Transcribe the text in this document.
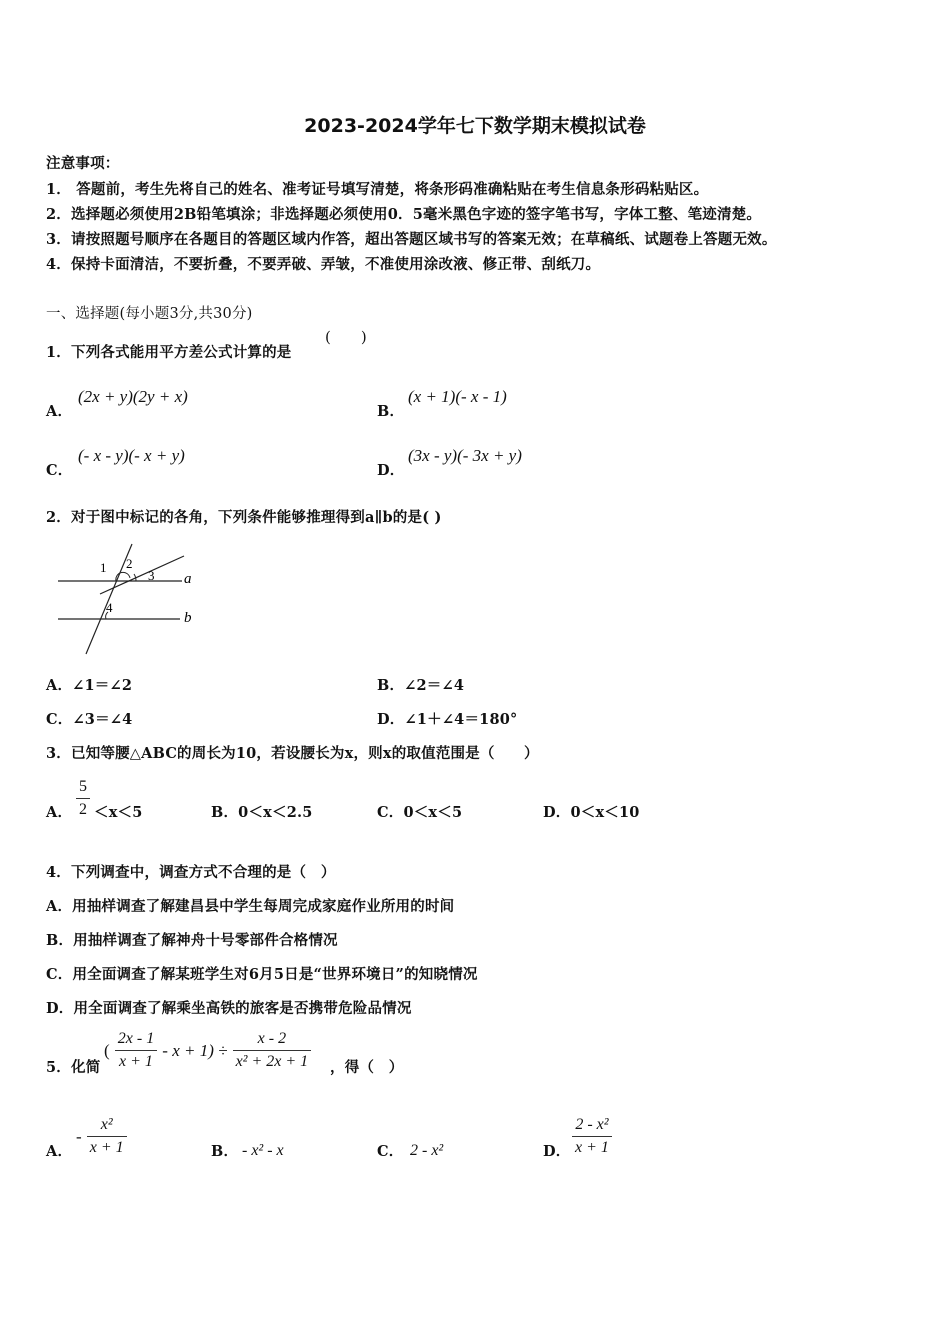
2023-2024学年七下数学期末模拟试卷
注意事项：
1． 答题前，考生先将自己的姓名、准考证号填写清楚，将条形码准确粘贴在考生信息条形码粘贴区。
2．选择题必须使用2B铅笔填涂；非选择题必须使用0．5毫米黑色字迹的签字笔书写，字体工整、笔迹清楚。
3．请按照题号顺序在各题目的答题区域内作答，超出答题区域书写的答案无效；在草稿纸、试题卷上答题无效。
4．保持卡面清洁，不要折叠，不要弄破、弄皱，不准使用涂改液、修正带、刮纸刀。
一、选择题(每小题3分,共30分)
1．下列各式能用平方差公式计算的是
(　　)
A．
(2x + y)(2y + x)
B．
(x + 1)(- x - 1)
C．
(- x - y)(- x + y)
D．
(3x - y)(- 3x + y)
2．对于图中标记的各角，下列条件能够推理得到a∥b的是( )
1 2
3
4
a
b
A．∠1＝∠2	B．∠2＝∠4
C．∠3＝∠4	D．∠1＋∠4＝180°
3．已知等腰△ABC的周长为10，若设腰长为x，则x的取值范围是（　　）
A． $\frac{5}{2} <x<5$	B．0＜x＜2.5	C．0＜x＜5	D．0＜x＜10
4．下列调查中，调查方式不合理的是（　）
A．用抽样调查了解建昌县中学生每周完成家庭作业所用的时间
B．用抽样调查了解神舟十号零部件合格情况
C．用全面调查了解某班学生对6月5日是“世界环境日”的知晓情况
D．用全面调查了解乘坐高铁的旅客是否携带危险品情况
5．化简
( $\frac{2x - 1}{x + 1} - x + 1) \div \frac{x - 2}{\text{x² + 2x + 1}}$ ，得（　）
A．
- $\frac{\text{x²}}{x + 1}$	B． - x² - x	C． 2 - x²	D． $\frac{\text{2 - x²}}{x + 1}$
